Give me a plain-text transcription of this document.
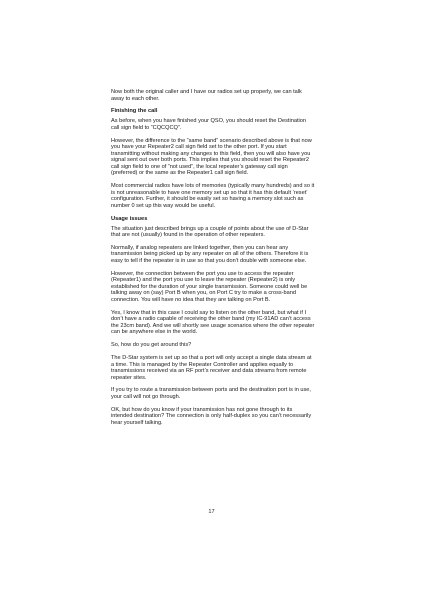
Now both the original caller and I have our radios set up properly, we can talk away to each other.

Finishing the call

As before, when you have finished your QSO, you should reset the Destination call sign field to “CQCQCQ”.

However, the difference to the “same band” scenario described above is that now you have your Repeater2 call sign field set to the other port. If you start transmitting without making any changes to this field, then you will also have you signal sent out over both ports. This implies that you should reset the Repeater2 call sign field to one of “not used”, the local repeater’s gateway call sign (preferred) or the same as the Repeater1 call sign field.

Most commercial radios have lots of memories (typically many hundreds) and so it is not unreasonable to have one memory set up so that it has this default ‘reset’ configuration. Further, it should be easily set so having a memory slot such as number 0 set up this way would be useful.

Usage issues

The situation just described brings up a couple of points about the use of D-Star that are not (usually) found in the operation of other repeaters.

Normally, if analog repeaters are linked together, then you can hear any transmission being picked up by any repeater on all of the others. Therefore it is easy to tell if the repeater is in use so that you don’t double with someone else.

However, the connection between the port you use to access the repeater (Repeater1) and the port you use to leave the repeater (Repeater2) is only established for the duration of your single transmission. Someone could well be talking away on (say) Port B when you, on Port C try to make a cross-band connection. You will have no idea that they are talking on Port B.

Yes, I know that in this case I could say to listen on the other band, but what if I don’t have a radio capable of receiving the other band (my IC-91AD can’t access the 23cm band). And we will shortly see usage scenarios where the other repeater can be anywhere else in the world.

So, how do you get around this?

The D-Star system is set up so that a port will only accept a single data stream at a time. This is managed by the Repeater Controller and applies equally to transmissions received via an RF port’s receiver and data streams from remote repeater sites.

If you try to route a transmission between ports and the destination port is in use, your call will not go through.

OK, but how do you know if your transmission has not gone through to its intended destination? The connection is only half-duplex so you can’t necessarily hear yourself talking.

17
